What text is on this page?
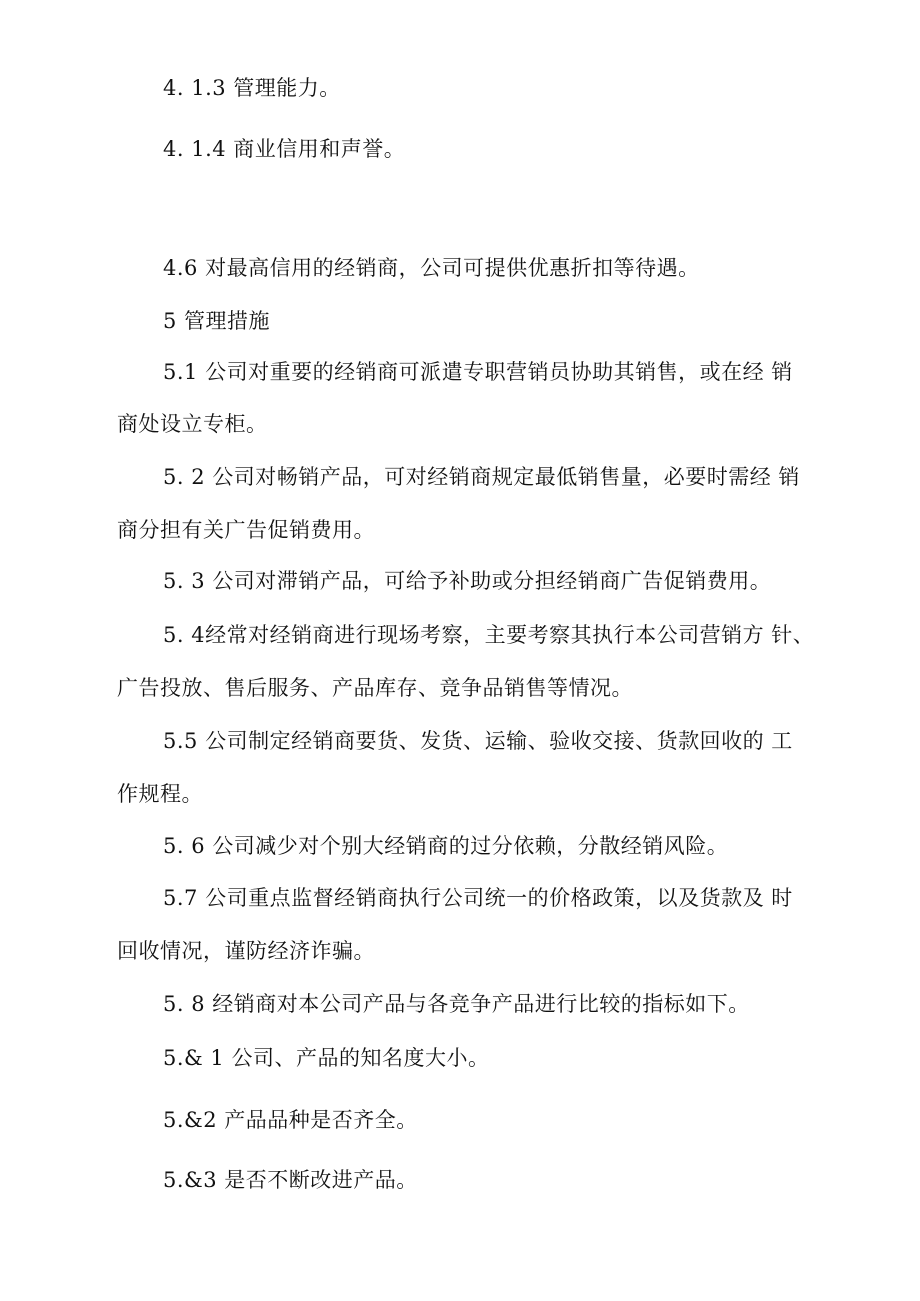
4. 1.3 管理能力。
4. 1.4 商业信用和声誉。
4.6 对最高信用的经销商，公司可提供优惠折扣等待遇。
5 管理措施
5.1 公司对重要的经销商可派遣专职营销员协助其销售，或在经 销
商处设立专柜。
5. 2 公司对畅销产品，可对经销商规定最低销售量，必要时需经 销
商分担有关广告促销费用。
5. 3 公司对滞销产品，可给予补助或分担经销商广告促销费用。
5. 4经常对经销商进行现场考察，主要考察其执行本公司营销方 针、
广告投放、售后服务、产品库存、竞争品销售等情况。
5.5 公司制定经销商要货、发货、运输、验收交接、货款回收的 工
作规程。
5. 6 公司减少对个别大经销商的过分依赖，分散经销风险。
5.7 公司重点监督经销商执行公司统一的价格政策，以及货款及 时
回收情况，谨防经济诈骗。
5. 8 经销商对本公司产品与各竞争产品进行比较的指标如下。
5.& 1 公司、产品的知名度大小。
5.&2 产品品种是否齐全。
5.&3 是否不断改进产品。
